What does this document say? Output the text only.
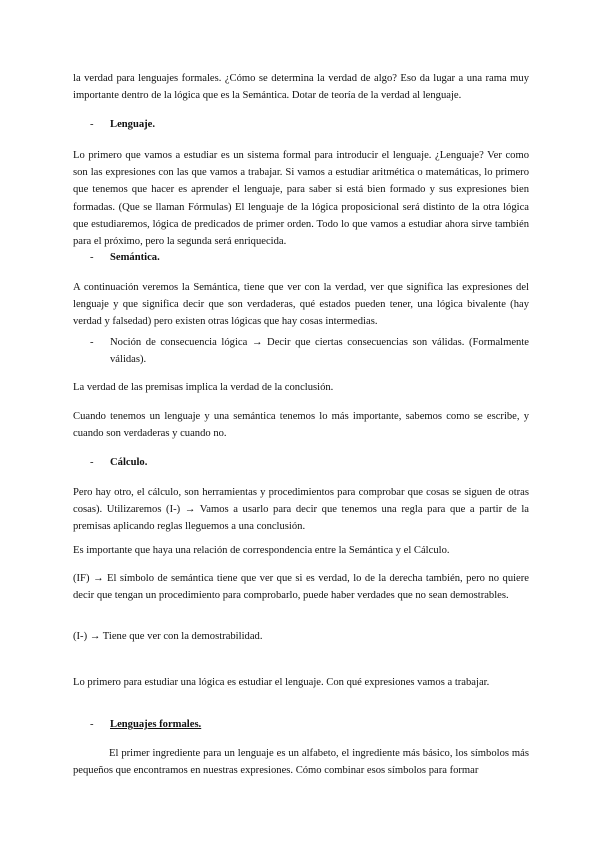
la verdad para lenguajes formales. ¿Cómo se determina la verdad de algo? Eso da lugar a una rama muy importante dentro de la lógica que es la Semántica. Dotar de teoría de la verdad al lenguaje.

- Lenguaje.

Lo primero que vamos a estudiar es un sistema formal para introducir el lenguaje. ¿Lenguaje? Ver como son las expresiones con las que vamos a trabajar. Si vamos a estudiar aritmética o matemáticas, lo primero que tenemos que hacer es aprender el lenguaje, para saber si está bien formado y sus expresiones bien formadas. (Que se llaman Fórmulas) El lenguaje de la lógica proposicional será distinto de la otra lógica que estudiaremos, lógica de predicados de primer orden. Todo lo que vamos a estudiar ahora sirve también para el próximo, pero la segunda será enriquecida.

- Semántica.

A continuación veremos la Semántica, tiene que ver con la verdad, ver que significa las expresiones del lenguaje y que significa decir que son verdaderas, qué estados pueden tener, una lógica bivalente (hay verdad y falsedad) pero existen otras lógicas que hay cosas intermedias.

- Noción de consecuencia lógica → Decir que ciertas consecuencias son válidas. (Formalmente válidas).

La verdad de las premisas implica la verdad de la conclusión.

Cuando tenemos un lenguaje y una semántica tenemos lo más importante, sabemos como se escribe, y cuando son verdaderas y cuando no.

- Cálculo.

Pero hay otro, el cálculo, son herramientas y procedimientos para comprobar que cosas se siguen de otras cosas). Utilizaremos (I-) → Vamos a usarlo para decir que tenemos una regla para que a partir de la premisas aplicando reglas lleguemos a una conclusión.

Es importante que haya una relación de correspondencia entre la Semántica y el Cálculo.

(IF) → El símbolo de semántica tiene que ver que si es verdad, lo de la derecha también, pero no quiere decir que tengan un procedimiento para comprobarlo, puede haber verdades que no sean demostrables.

(I-) → Tiene que ver con la demostrabilidad.

Lo primero para estudiar una lógica es estudiar el lenguaje. Con qué expresiones vamos a trabajar.

- Lenguajes formales.

El primer ingrediente para un lenguaje es un alfabeto, el ingrediente más básico, los símbolos más pequeños que encontramos en nuestras expresiones. Cómo combinar esos símbolos para formar
